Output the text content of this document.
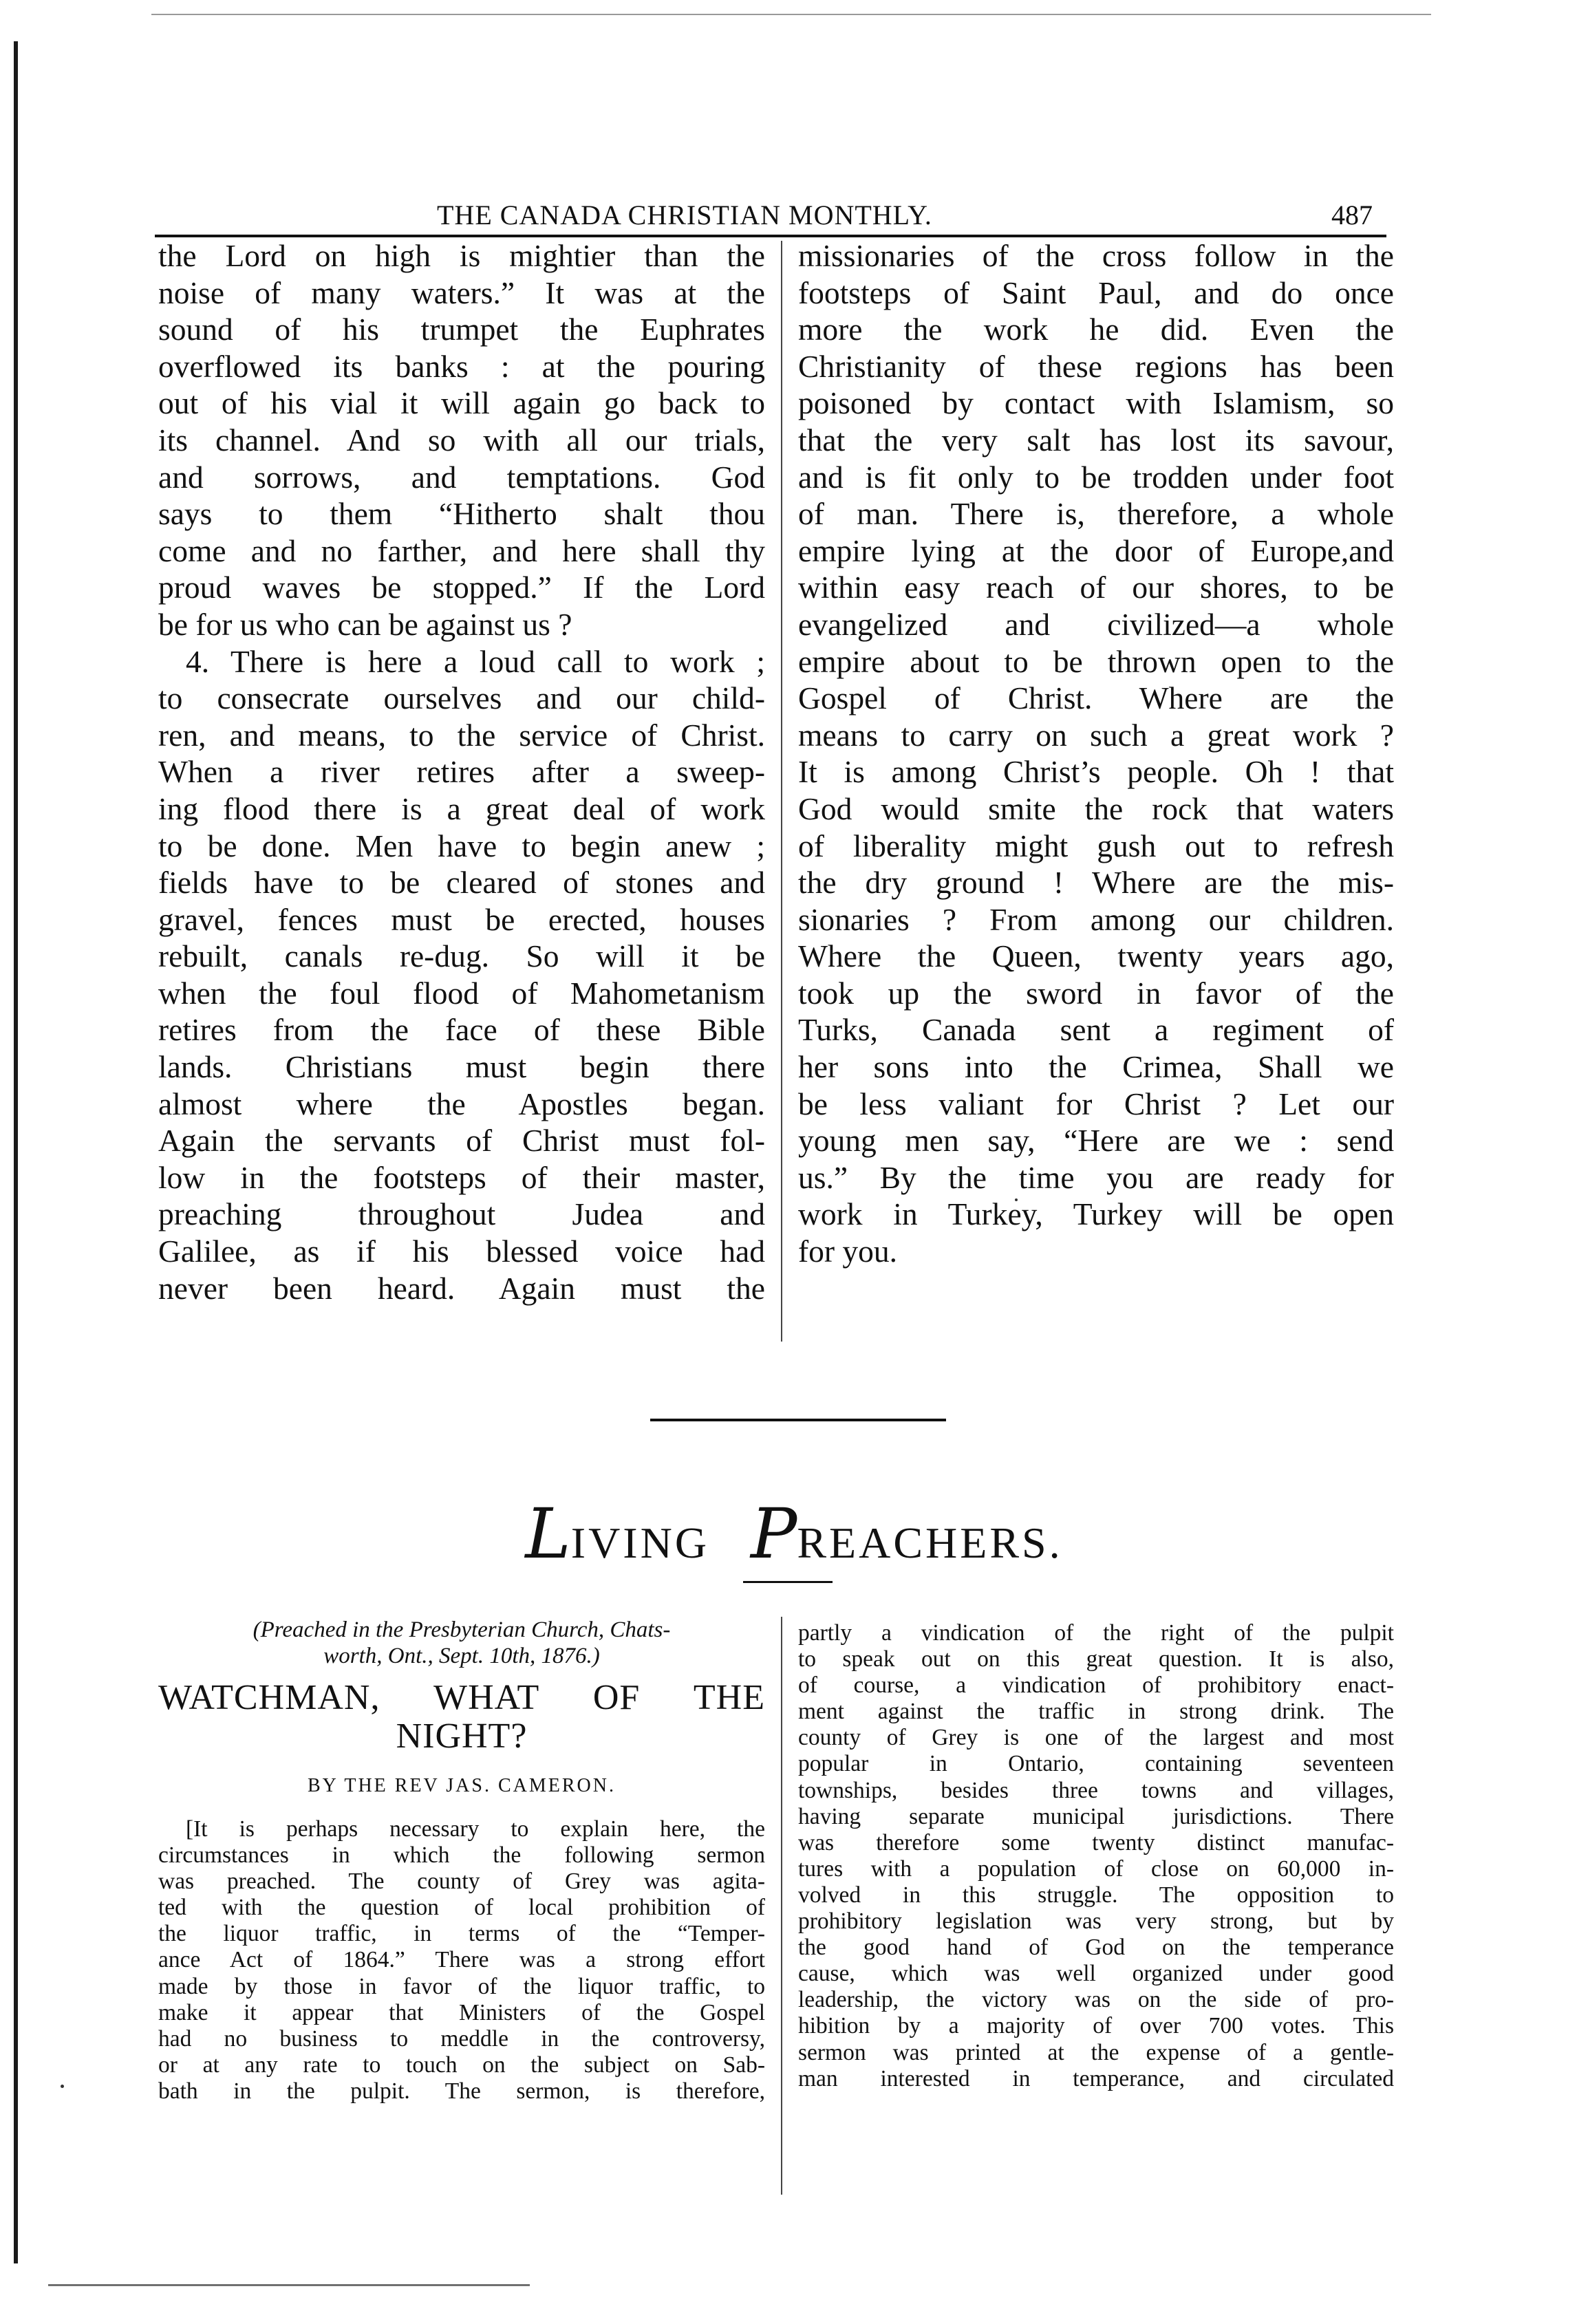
THE CANADA CHRISTIAN MONTHLY.	487
the Lord on high is mightier than the
noise of many waters.” It was at the
sound of his trumpet the Euphrates
overflowed its banks : at the pouring
out of his vial it will again go back to
its channel. And so with all our trials,
and sorrows, and temptations. God
says to them “Hitherto shalt thou
come and no farther, and here shall thy
proud waves be stopped.” If the Lord
be for us who can be against us ?
4. There is here a loud call to work ;
to consecrate ourselves and our child-
ren, and means, to the service of Christ.
When a river retires after a sweep-
ing flood there is a great deal of work
to be done. Men have to begin anew ;
fields have to be cleared of stones and
gravel, fences must be erected, houses
rebuilt, canals re-dug. So will it be
when the foul flood of Mahometanism
retires from the face of these Bible
lands. Christians must begin there
almost where the Apostles began.
Again the servants of Christ must fol-
low in the footsteps of their master,
preaching throughout Judea and
Galilee, as if his blessed voice had
never been heard. Again must the
missionaries of the cross follow in the
footsteps of Saint Paul, and do once
more the work he did. Even the
Christianity of these regions has been
poisoned by contact with Islamism, so
that the very salt has lost its savour,
and is fit only to be trodden under foot
of man. There is, therefore, a whole
empire lying at the door of Europe,and
within easy reach of our shores, to be
evangelized and civilized—a whole
empire about to be thrown open to the
Gospel of Christ. Where are the
means to carry on such a great work ?
It is among Christ’s people. Oh ! that
God would smite the rock that waters
of liberality might gush out to refresh
the dry ground ! Where are the mis-
sionaries ? From among our children.
Where the Queen, twenty years ago,
took up the sword in favor of the
Turks, Canada sent a regiment of
her sons into the Crimea, Shall we
be less valiant for Christ ? Let our
young men say, “Here are we : send
us.” By the time you are ready for
work in Turkey, Turkey will be open
for you.
LIVING PREACHERS.
(Preached in the Presbyterian Church, Chats-
worth, Ont., Sept. 10th, 1876.)
WATCHMAN, WHAT OF THE
NIGHT?
BY THE REV JAS. CAMERON.
[It is perhaps necessary to explain here, the
circumstances in which the following sermon
was preached. The county of Grey was agita-
ted with the question of local prohibition of
the liquor traffic, in terms of the “Temper-
ance Act of 1864.” There was a strong effort
made by those in favor of the liquor traffic, to
make it appear that Ministers of the Gospel
had no business to meddle in the controversy,
or at any rate to touch on the subject on Sab-
bath in the pulpit. The sermon, is therefore,
partly a vindication of the right of the pulpit
to speak out on this great question. It is also,
of course, a vindication of prohibitory enact-
ment against the traffic in strong drink. The
county of Grey is one of the largest and most
popular in Ontario, containing seventeen
townships, besides three towns and villages,
having separate municipal jurisdictions. There
was therefore some twenty distinct manufac-
tures with a population of close on 60,000 in-
volved in this struggle. The opposition to
prohibitory legislation was very strong, but by
the good hand of God on the temperance
cause, which was well organized under good
leadership, the victory was on the side of pro-
hibition by a majority of over 700 votes. This
sermon was printed at the expense of a gentle-
man interested in temperance, and circulated
